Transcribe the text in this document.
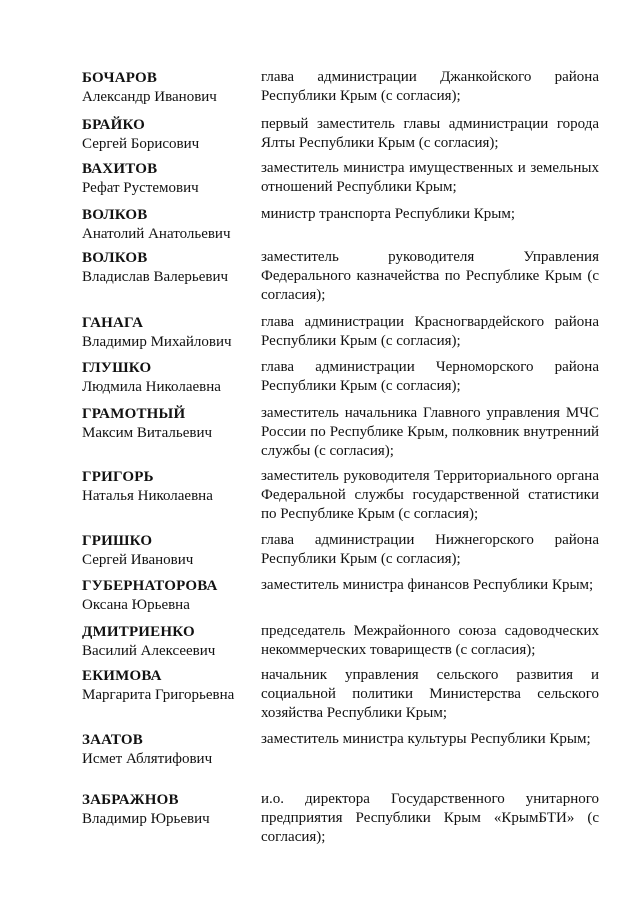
БОЧАРОВ
Александр Иванович

глава администрации Джанкойского района Республики Крым (с согласия);

БРАЙКО
Сергей Борисович

первый заместитель главы администрации города Ялты Республики Крым (с согласия);

ВАХИТОВ
Рефат Рустемович

заместитель министра имущественных и земельных отношений Республики Крым;

ВОЛКОВ
Анатолий Анатольевич

министр транспорта Республики Крым;

ВОЛКОВ
Владислав Валерьевич

заместитель руководителя Управления Федерального казначейства по Республике Крым (с согласия);

ГАНАГА
Владимир Михайлович

глава администрации Красногвардейского района Республики Крым (с согласия);

ГЛУШКО
Людмила Николаевна

глава администрации Черноморского района Республики Крым (с согласия);

ГРАМОТНЫЙ
Максим Витальевич

заместитель начальника Главного управления МЧС России по Республике Крым, полковник внутренний службы (с согласия);

ГРИГОРЬ
Наталья Николаевна

заместитель руководителя Территориального органа Федеральной службы государственной статистики по Республике Крым (с согласия);

ГРИШКО
Сергей Иванович

глава администрации Нижнегорского района Республики Крым (с согласия);

ГУБЕРНАТОРОВА
Оксана Юрьевна

заместитель министра финансов Республики Крым;

ДМИТРИЕНКО
Василий Алексеевич

председатель Межрайонного союза садоводческих некоммерческих товариществ (с согласия);

ЕКИМОВА
Маргарита Григорьевна

начальник управления сельского развития и социальной политики Министерства сельского хозяйства Республики Крым;

ЗААТОВ
Исмет Аблятифович

заместитель министра культуры Республики Крым;

ЗАБРАЖНОВ
Владимир Юрьевич

и.о. директора Государственного унитарного предприятия Республики Крым «КрымБТИ» (с согласия);
